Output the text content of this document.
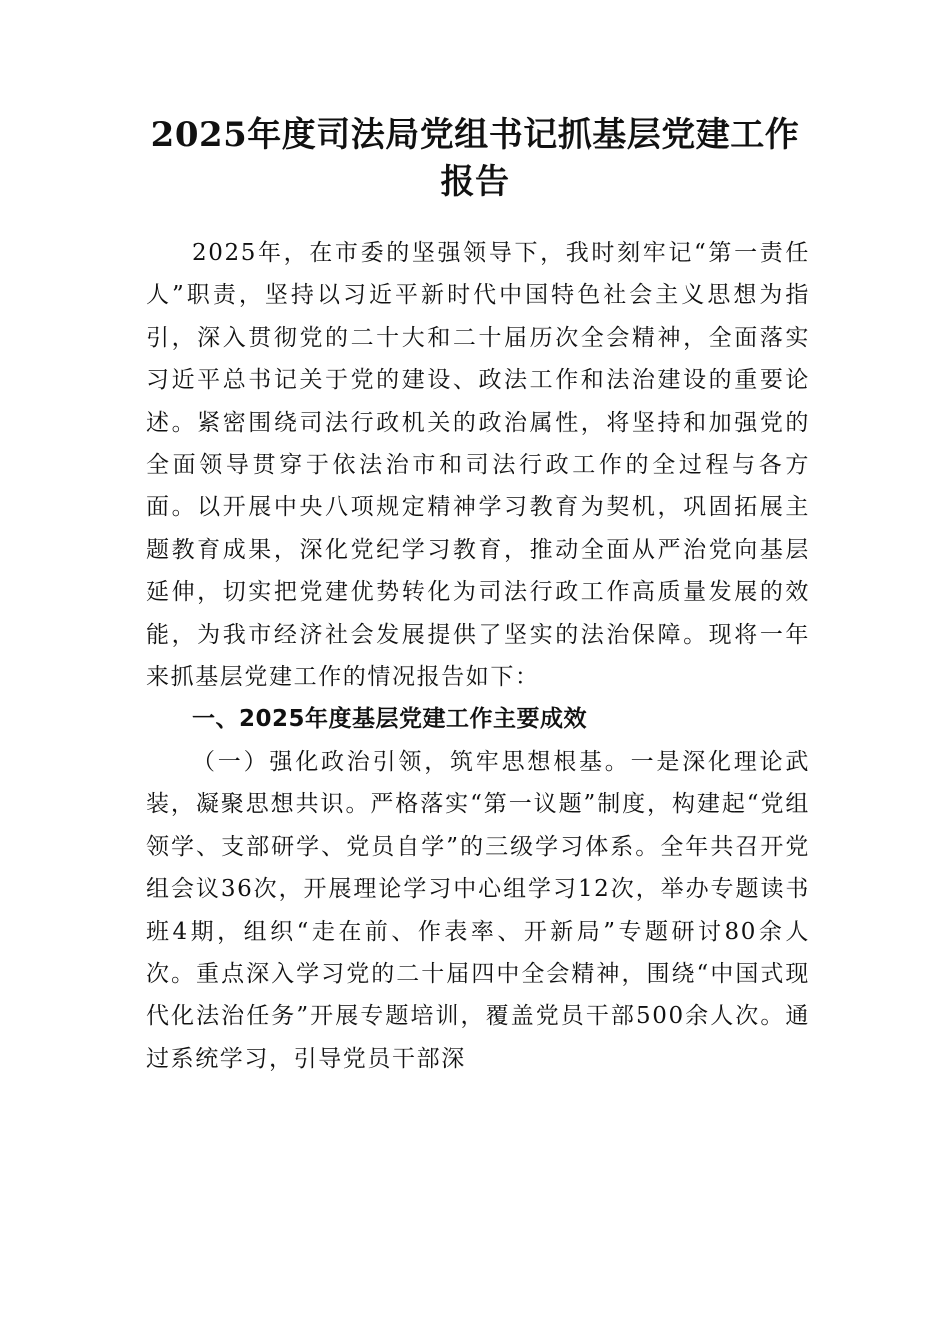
2025年度司法局党组书记抓基层党建工作
报告

2025年，在市委的坚强领导下，我时刻牢记“第一责任人”职责，坚持以习近平新时代中国特色社会主义思想为指引，深入贯彻党的二十大和二十届历次全会精神，全面落实习近平总书记关于党的建设、政法工作和法治建设的重要论述。紧密围绕司法行政机关的政治属性，将坚持和加强党的全面领导贯穿于依法治市和司法行政工作的全过程与各方面。以开展中央八项规定精神学习教育为契机，巩固拓展主题教育成果，深化党纪学习教育，推动全面从严治党向基层延伸，切实把党建优势转化为司法行政工作高质量发展的效能，为我市经济社会发展提供了坚实的法治保障。现将一年来抓基层党建工作的情况报告如下：

一、2025年度基层党建工作主要成效

（一）强化政治引领，筑牢思想根基。一是深化理论武装，凝聚思想共识。严格落实“第一议题”制度，构建起“党组领学、支部研学、党员自学”的三级学习体系。全年共召开党组会议36次，开展理论学习中心组学习12次，举办专题读书班4期，组织“走在前、作表率、开新局”专题研讨80余人次。重点深入学习党的二十届四中全会精神，围绕“中国式现代化法治任务”开展专题培训，覆盖党员干部500余人次。通过系统学习，引导党员干部深
